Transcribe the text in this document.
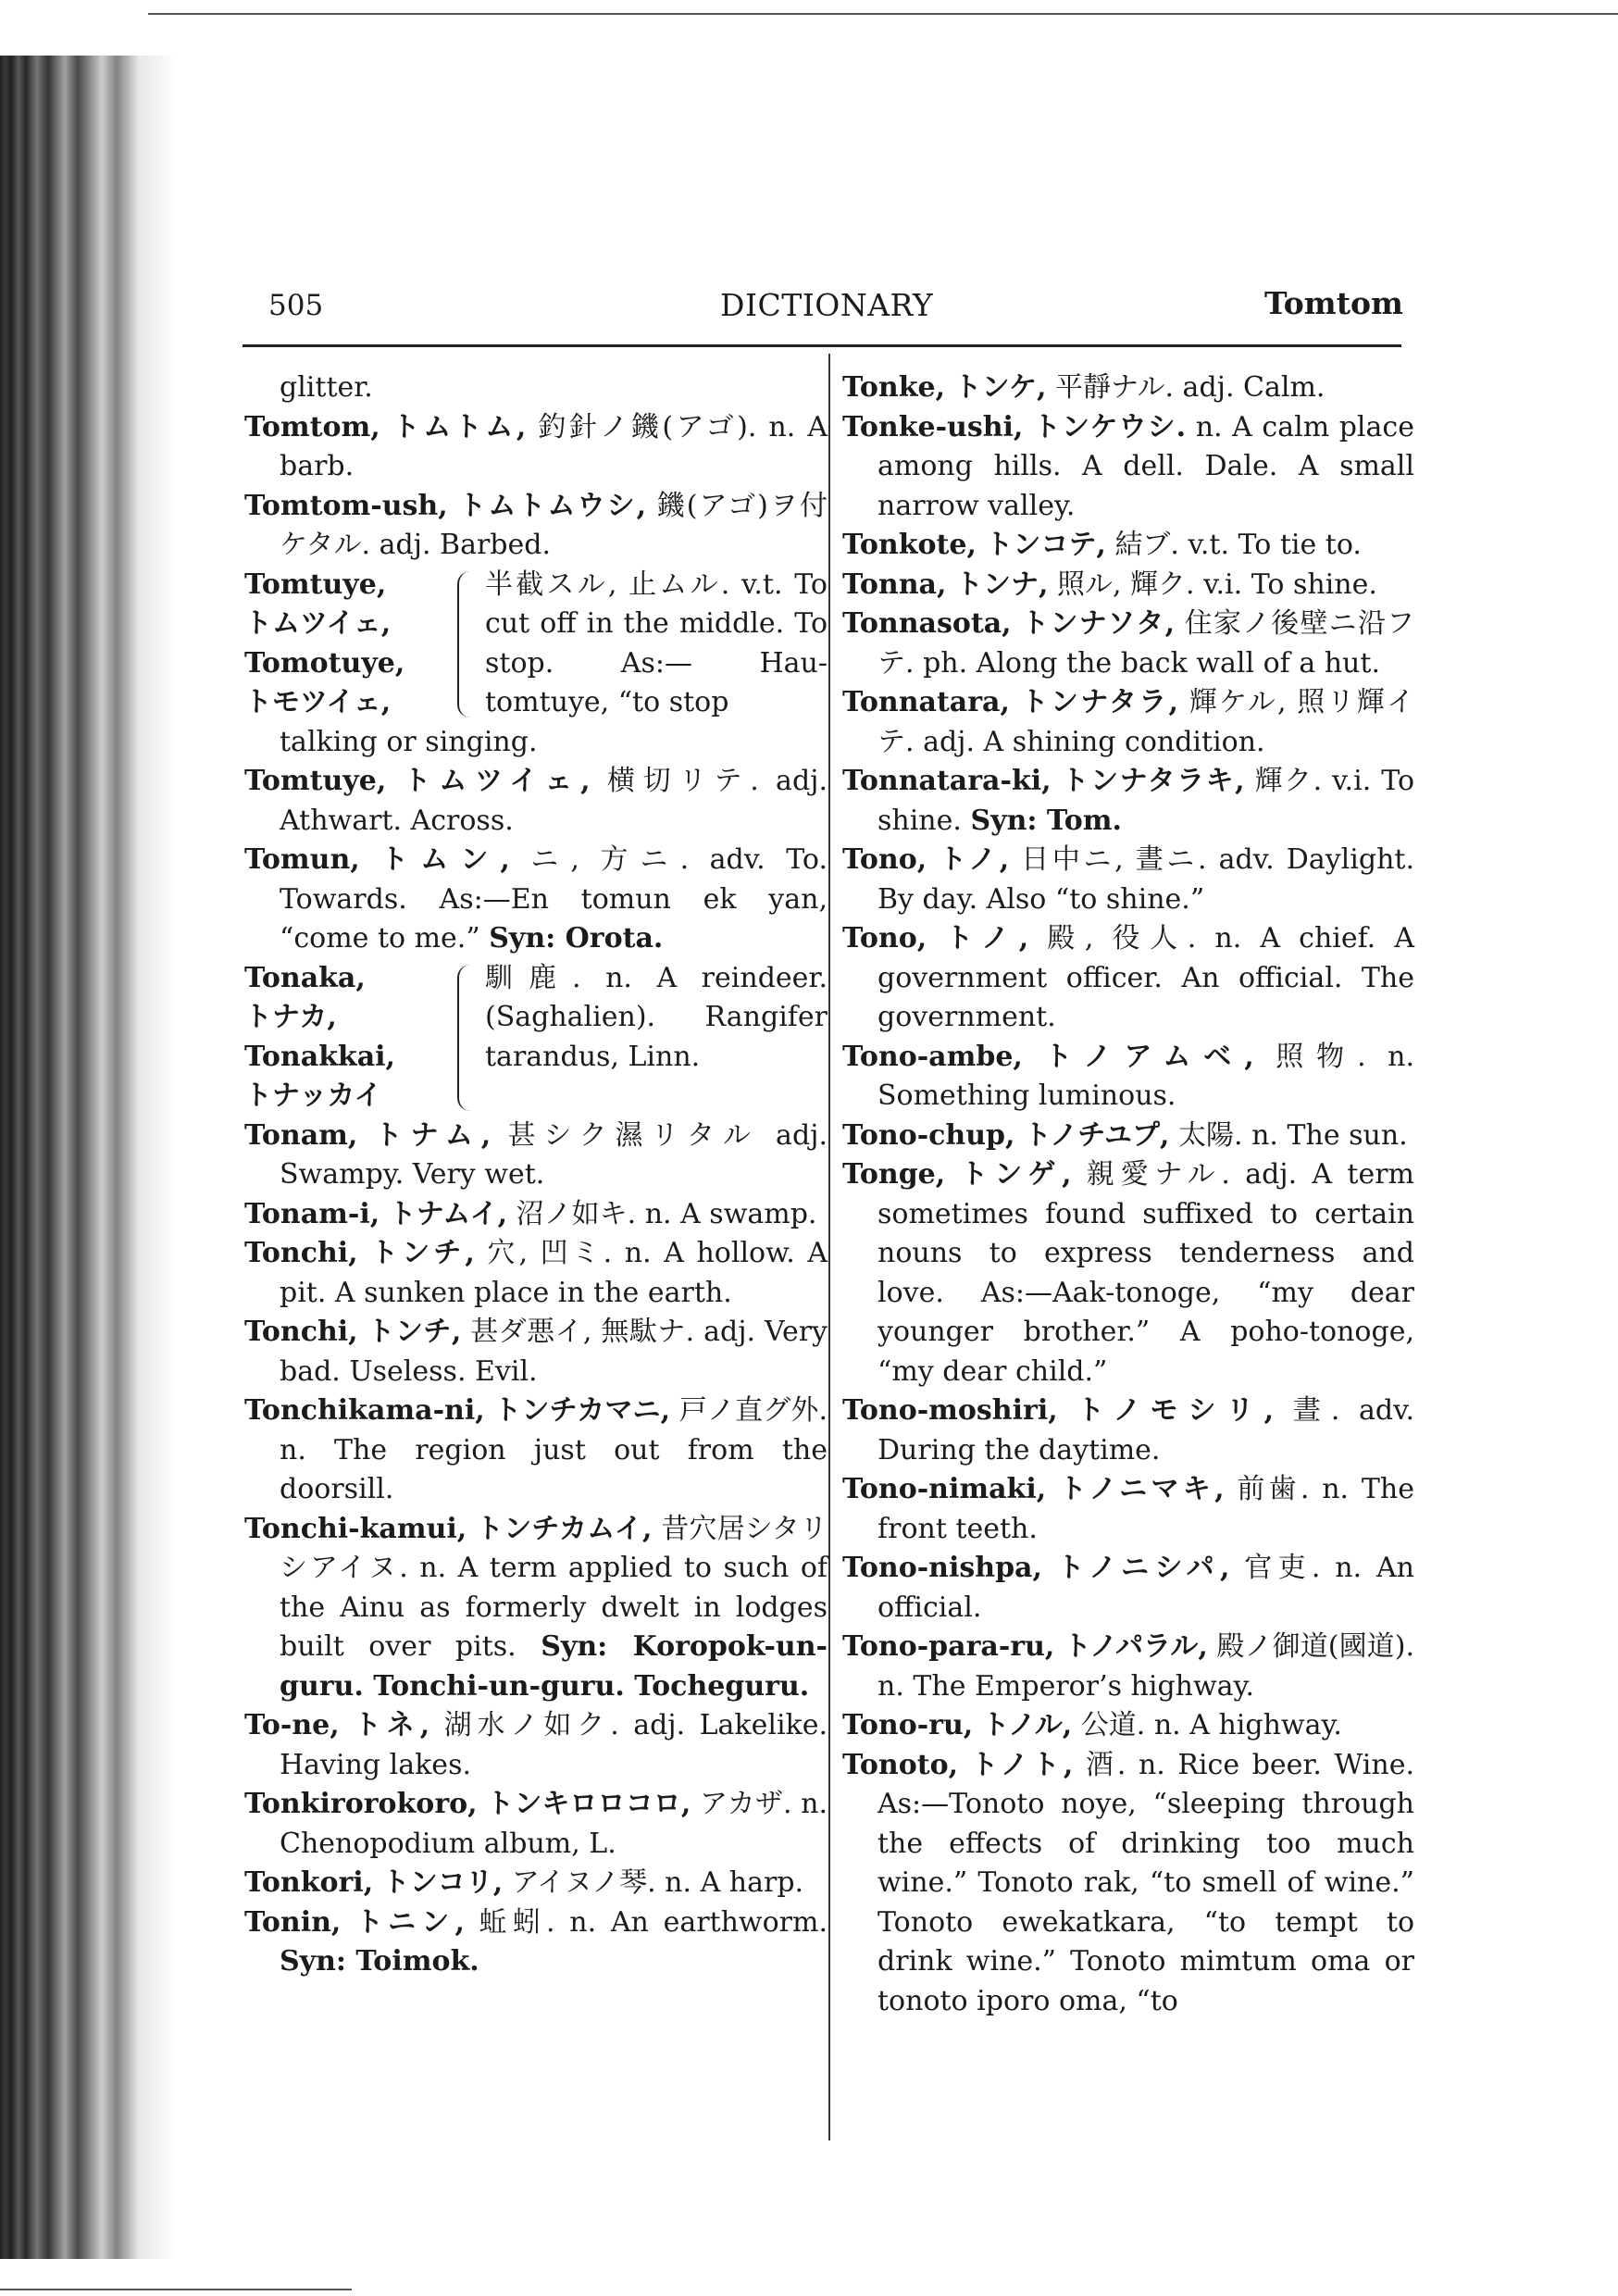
505	DICTIONARY	Tomtom
glitter.
Tomtom, トムトム, 釣針ノ鐖(アゴ). n. A barb.
Tomtom-ush, トムトムウシ, 鐖(アゴ)ヲ付ケタル. adj. Barbed.
Tomtuye,
トムツイェ,
Tomotuye,
トモツイェ,
半截スル, 止ムル. v.t. To cut off in the middle. To stop. As:— Hau-tomtuye, “to stop
talking or singing.
Tomtuye, トムツイェ, 横切リテ. adj. Athwart. Across.
Tomun, トムン, ニ, 方ニ. adv. To. Towards. As:—En tomun ek yan, “come to me.” Syn: Orota.
Tonaka,
トナカ,
Tonakkai,
トナッカイ
馴鹿. n. A reindeer. (Saghalien). Rangifer tarandus, Linn.
Tonam, トナム, 甚シク濕リタル adj. Swampy. Very wet.
Tonam-i, トナムイ, 沼ノ如キ. n. A swamp.
Tonchi, トンチ, 穴, 凹ミ. n. A hollow. A pit. A sunken place in the earth.
Tonchi, トンチ, 甚ダ悪イ, 無駄ナ. adj. Very bad. Useless. Evil.
Tonchikama-ni, トンチカマニ, 戸ノ直グ外. n. The region just out from the doorsill.
Tonchi-kamui, トンチカムイ, 昔穴居シタリシアイヌ. n. A term applied to such of the Ainu as formerly dwelt in lodges built over pits. Syn: Koropok-un-guru. Tonchi-un-guru. Tocheguru.
To-ne, トネ, 湖水ノ如ク. adj. Lakelike. Having lakes.
Tonkirorokoro, トンキロロコロ, アカザ. n. Chenopodium album, L.
Tonkori, トンコリ, アイヌノ琴. n. A harp.
Tonin, トニン, 蚯蚓. n. An earthworm. Syn: Toimok.
Tonke, トンケ, 平靜ナル. adj. Calm.
Tonke-ushi, トンケウシ. n. A calm place among hills. A dell. Dale. A small narrow valley.
Tonkote, トンコテ, 結ブ. v.t. To tie to.
Tonna, トンナ, 照ル, 輝ク. v.i. To shine.
Tonnasota, トンナソタ, 住家ノ後壁ニ沿フテ. ph. Along the back wall of a hut.
Tonnatara, トンナタラ, 輝ケル, 照リ輝イテ. adj. A shining condition.
Tonnatara-ki, トンナタラキ, 輝ク. v.i. To shine. Syn: Tom.
Tono, トノ, 日中ニ, 晝ニ. adv. Daylight. By day. Also “to shine.”
Tono, トノ, 殿, 役人. n. A chief. A government officer. An official. The government.
Tono-ambe, トノアムベ, 照物. n. Something luminous.
Tono-chup, トノチユプ, 太陽. n. The sun.
Tonge, トンゲ, 親愛ナル. adj. A term sometimes found suffixed to certain nouns to express tenderness and love. As:—Aak-tonoge, “my dear younger brother.” A poho-tonoge, “my dear child.”
Tono-moshiri, トノモシリ, 晝. adv. During the daytime.
Tono-nimaki, トノニマキ, 前歯. n. The front teeth.
Tono-nishpa, トノニシパ, 官吏. n. An official.
Tono-para-ru, トノパラル, 殿ノ御道(國道). n. The Emperor’s highway.
Tono-ru, トノル, 公道. n. A highway.
Tonoto, トノト, 酒. n. Rice beer. Wine. As:—Tonoto noye, “sleeping through the effects of drinking too much wine.” Tonoto rak, “to smell of wine.” Tonoto ewekatkara, “to tempt to drink wine.” Tonoto mimtum oma or tonoto iporo oma, “to
